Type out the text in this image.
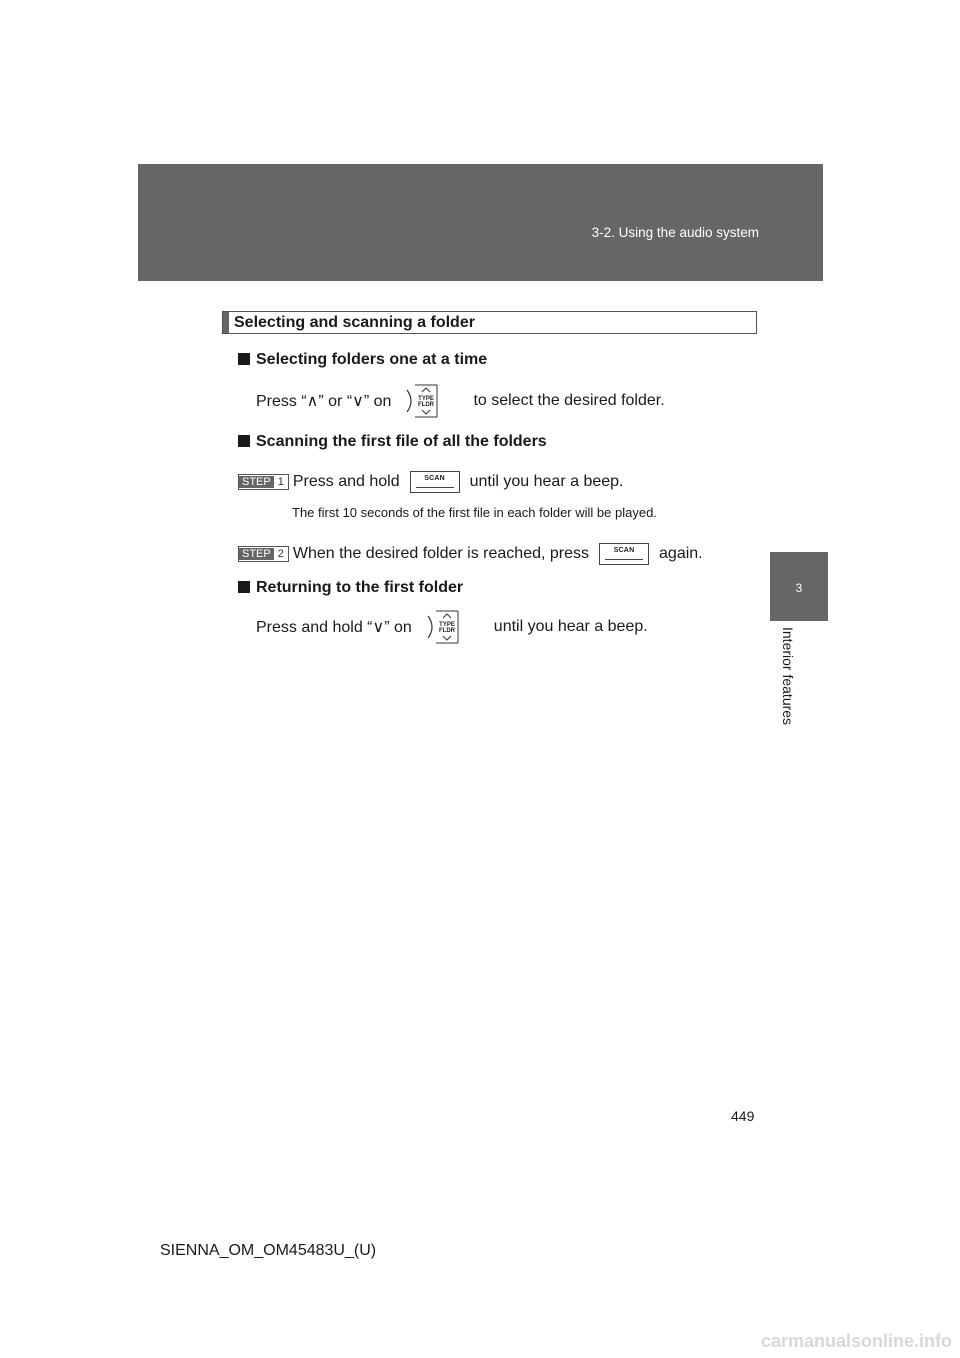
3-2. Using the audio system
3
Interior features
Selecting and scanning a folder
Selecting folders one at a time
Press “∧” or “∨” on	TYPE
FLDR to select the desired folder.
Scanning the first file of all the folders
STEP 1 Press and hold	SCAN	until you hear a beep.
The first 10 seconds of the first file in each folder will be played.
STEP 2 When the desired folder is reached, press	SCAN	again.
Returning to the first folder
Press and hold “∨” on	TYPE
FLDR until you hear a beep.
449
SIENNA_OM_OM45483U_(U)
carmanualsonline.info
